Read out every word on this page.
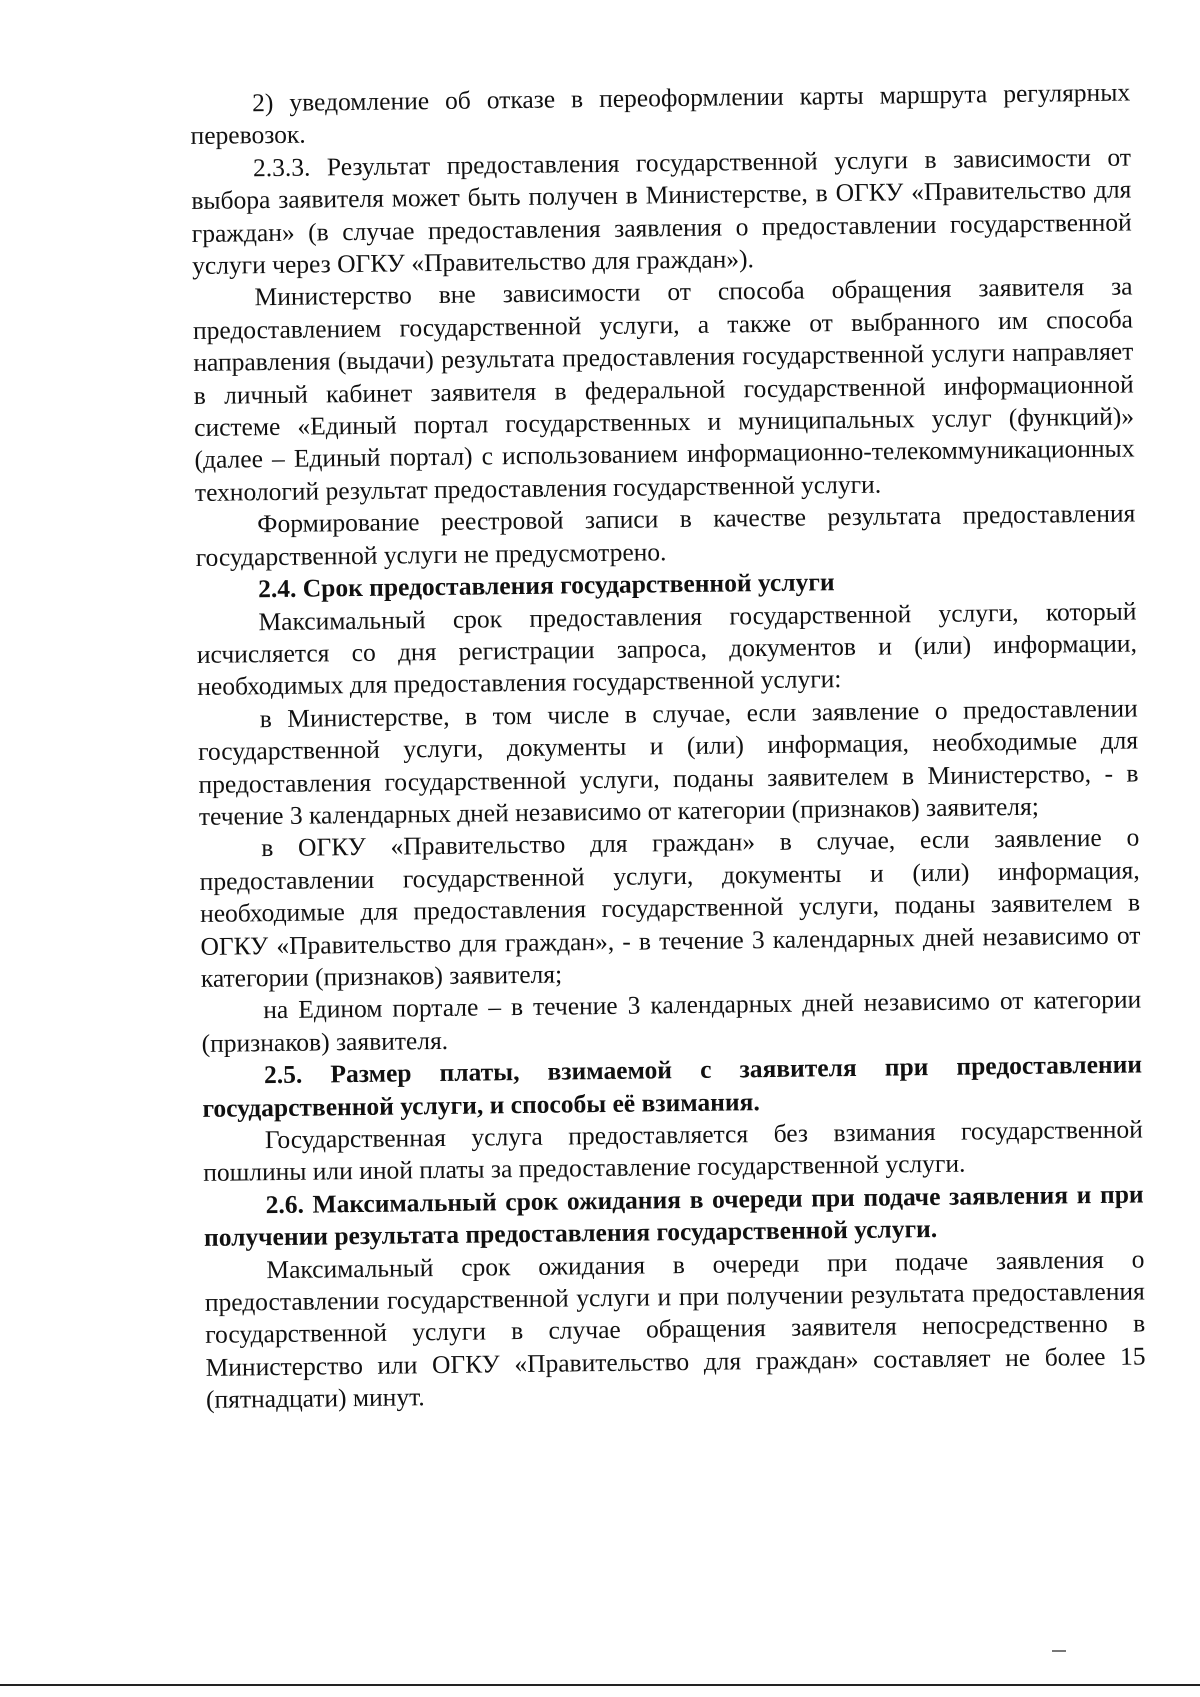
2) уведомление об отказе в переоформлении карты маршрута регулярных перевозок.

2.3.3. Результат предоставления государственной услуги в зависимости от выбора заявителя может быть получен в Министерстве, в ОГКУ «Правительство для граждан» (в случае предоставления заявления о предоставлении государственной услуги через ОГКУ «Правительство для граждан»).

Министерство вне зависимости от способа обращения заявителя за предоставлением государственной услуги, а также от выбранного им способа направления (выдачи) результата предоставления государственной услуги направляет в личный кабинет заявителя в федеральной государственной информационной системе «Единый портал государственных и муниципальных услуг (функций)» (далее – Единый портал) с использованием информационно-телекоммуникационных технологий результат предоставления государственной услуги.

Формирование реестровой записи в качестве результата предоставления государственной услуги не предусмотрено.

2.4. Срок предоставления государственной услуги

Максимальный срок предоставления государственной услуги, который исчисляется со дня регистрации запроса, документов и (или) информации, необходимых для предоставления государственной услуги:

в Министерстве, в том числе в случае, если заявление о предоставлении государственной услуги, документы и (или) информация, необходимые для предоставления государственной услуги, поданы заявителем в Министерство, - в течение 3 календарных дней независимо от категории (признаков) заявителя;

в ОГКУ «Правительство для граждан» в случае, если заявление о предоставлении государственной услуги, документы и (или) информация, необходимые для предоставления государственной услуги, поданы заявителем в ОГКУ «Правительство для граждан», - в течение 3 календарных дней независимо от категории (признаков) заявителя;

на Едином портале – в течение 3 календарных дней независимо от категории (признаков) заявителя.

2.5. Размер платы, взимаемой с заявителя при предоставлении государственной услуги, и способы её взимания.

Государственная услуга предоставляется без взимания государственной пошлины или иной платы за предоставление государственной услуги.

2.6. Максимальный срок ожидания в очереди при подаче заявления и при получении результата предоставления государственной услуги.

Максимальный срок ожидания в очереди при подаче заявления о предоставлении государственной услуги и при получении результата предоставления государственной услуги в случае обращения заявителя непосредственно в Министерство или ОГКУ «Правительство для граждан» составляет не более 15 (пятнадцати) минут.
